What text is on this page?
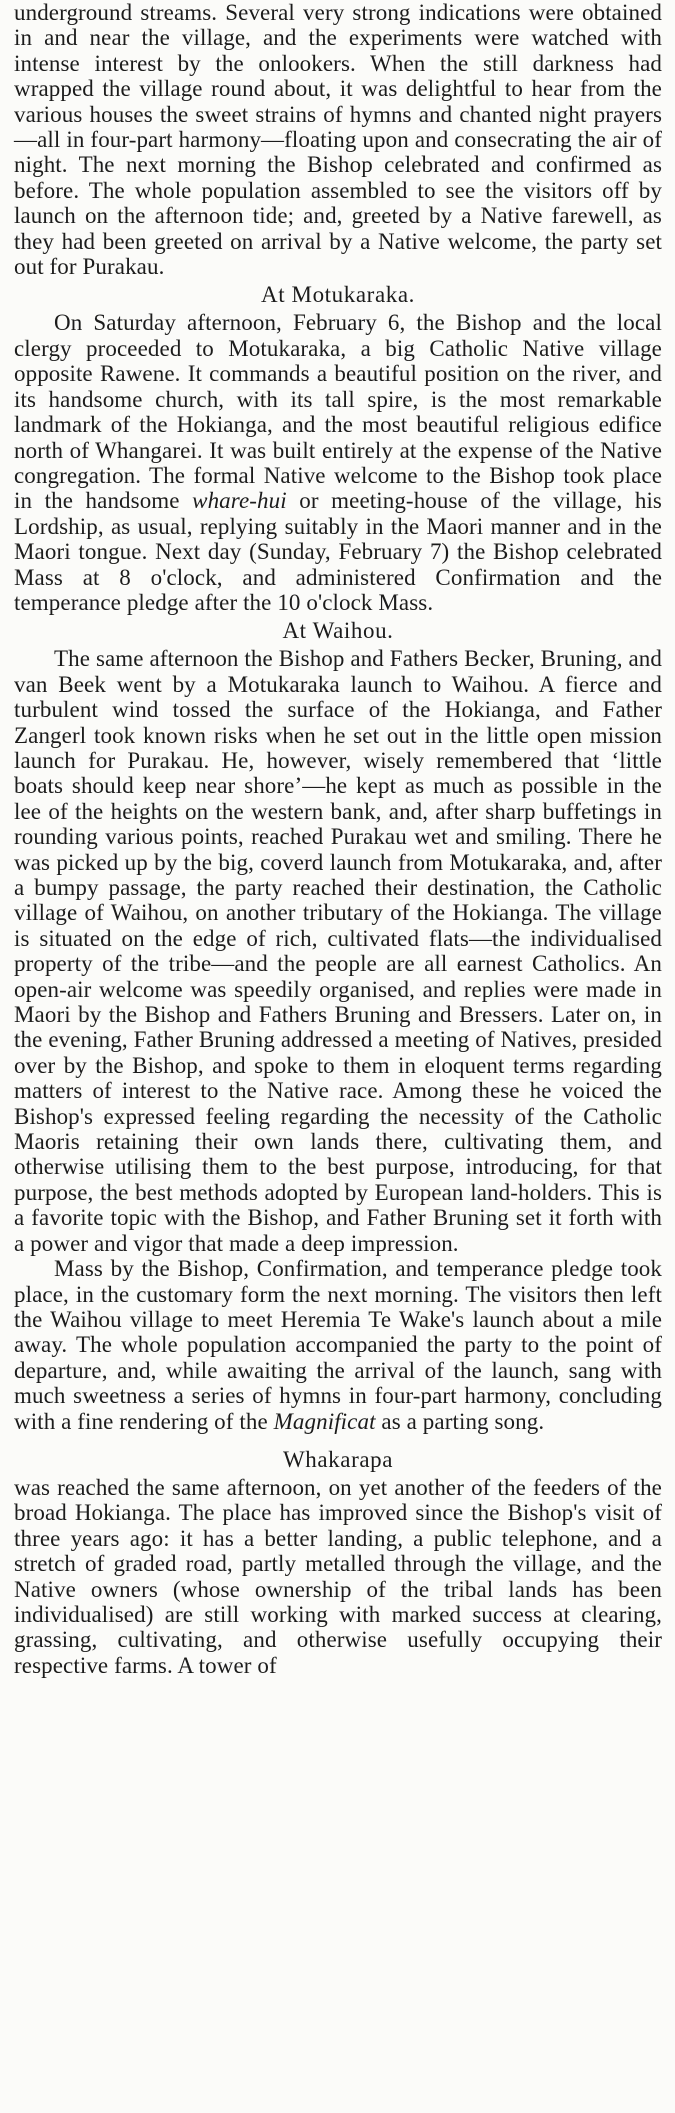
underground streams. Several very strong indications were obtained in and near the village, and the experiments were watched with intense interest by the onlookers. When the still darkness had wrapped the village round about, it was delightful to hear from the various houses the sweet strains of hymns and chanted night prayers—all in four-part harmony—floating upon and consecrating the air of night. The next morning the Bishop celebrated and confirmed as before. The whole population assembled to see the visitors off by launch on the afternoon tide; and, greeted by a Native farewell, as they had been greeted on arrival by a Native welcome, the party set out for Purakau.

At Motukaraka.

On Saturday afternoon, February 6, the Bishop and the local clergy proceeded to Motukaraka, a big Catholic Native village opposite Rawene. It commands a beautiful position on the river, and its handsome church, with its tall spire, is the most remarkable landmark of the Hokianga, and the most beautiful religious edifice north of Whangarei. It was built entirely at the expense of the Native congregation. The formal Native welcome to the Bishop took place in the handsome whare-hui or meeting-house of the village, his Lordship, as usual, replying suitably in the Maori manner and in the Maori tongue. Next day (Sunday, February 7) the Bishop celebrated Mass at 8 o'clock, and administered Confirmation and the temperance pledge after the 10 o'clock Mass.

At Waihou.

The same afternoon the Bishop and Fathers Becker, Bruning, and van Beek went by a Motukaraka launch to Waihou. A fierce and turbulent wind tossed the surface of the Hokianga, and Father Zangerl took known risks when he set out in the little open mission launch for Purakau. He, however, wisely remembered that ‘little boats should keep near shore’—he kept as much as possible in the lee of the heights on the western bank, and, after sharp buffetings in rounding various points, reached Purakau wet and smiling. There he was picked up by the big, coverd launch from Motukaraka, and, after a bumpy passage, the party reached their destination, the Catholic village of Waihou, on another tributary of the Hokianga. The village is situated on the edge of rich, cultivated flats—the individualised property of the tribe—and the people are all earnest Catholics. An open-air welcome was speedily organised, and replies were made in Maori by the Bishop and Fathers Bruning and Bressers. Later on, in the evening, Father Bruning addressed a meeting of Natives, presided over by the Bishop, and spoke to them in eloquent terms regarding matters of interest to the Native race. Among these he voiced the Bishop's expressed feeling regarding the necessity of the Catholic Maoris retaining their own lands there, cultivating them, and otherwise utilising them to the best purpose, introducing, for that purpose, the best methods adopted by European land-holders. This is a favorite topic with the Bishop, and Father Bruning set it forth with a power and vigor that made a deep impression.

Mass by the Bishop, Confirmation, and temperance pledge took place, in the customary form the next morning. The visitors then left the Waihou village to meet Heremia Te Wake's launch about a mile away. The whole population accompanied the party to the point of departure, and, while awaiting the arrival of the launch, sang with much sweetness a series of hymns in four-part harmony, concluding with a fine rendering of the Magnificat as a parting song.

Whakarapa

was reached the same afternoon, on yet another of the feeders of the broad Hokianga. The place has improved since the Bishop's visit of three years ago: it has a better landing, a public telephone, and a stretch of graded road, partly metalled through the village, and the Native owners (whose ownership of the tribal lands has been individualised) are still working with marked success at clearing, grassing, cultivating, and otherwise usefully occupying their respective farms. A tower of
